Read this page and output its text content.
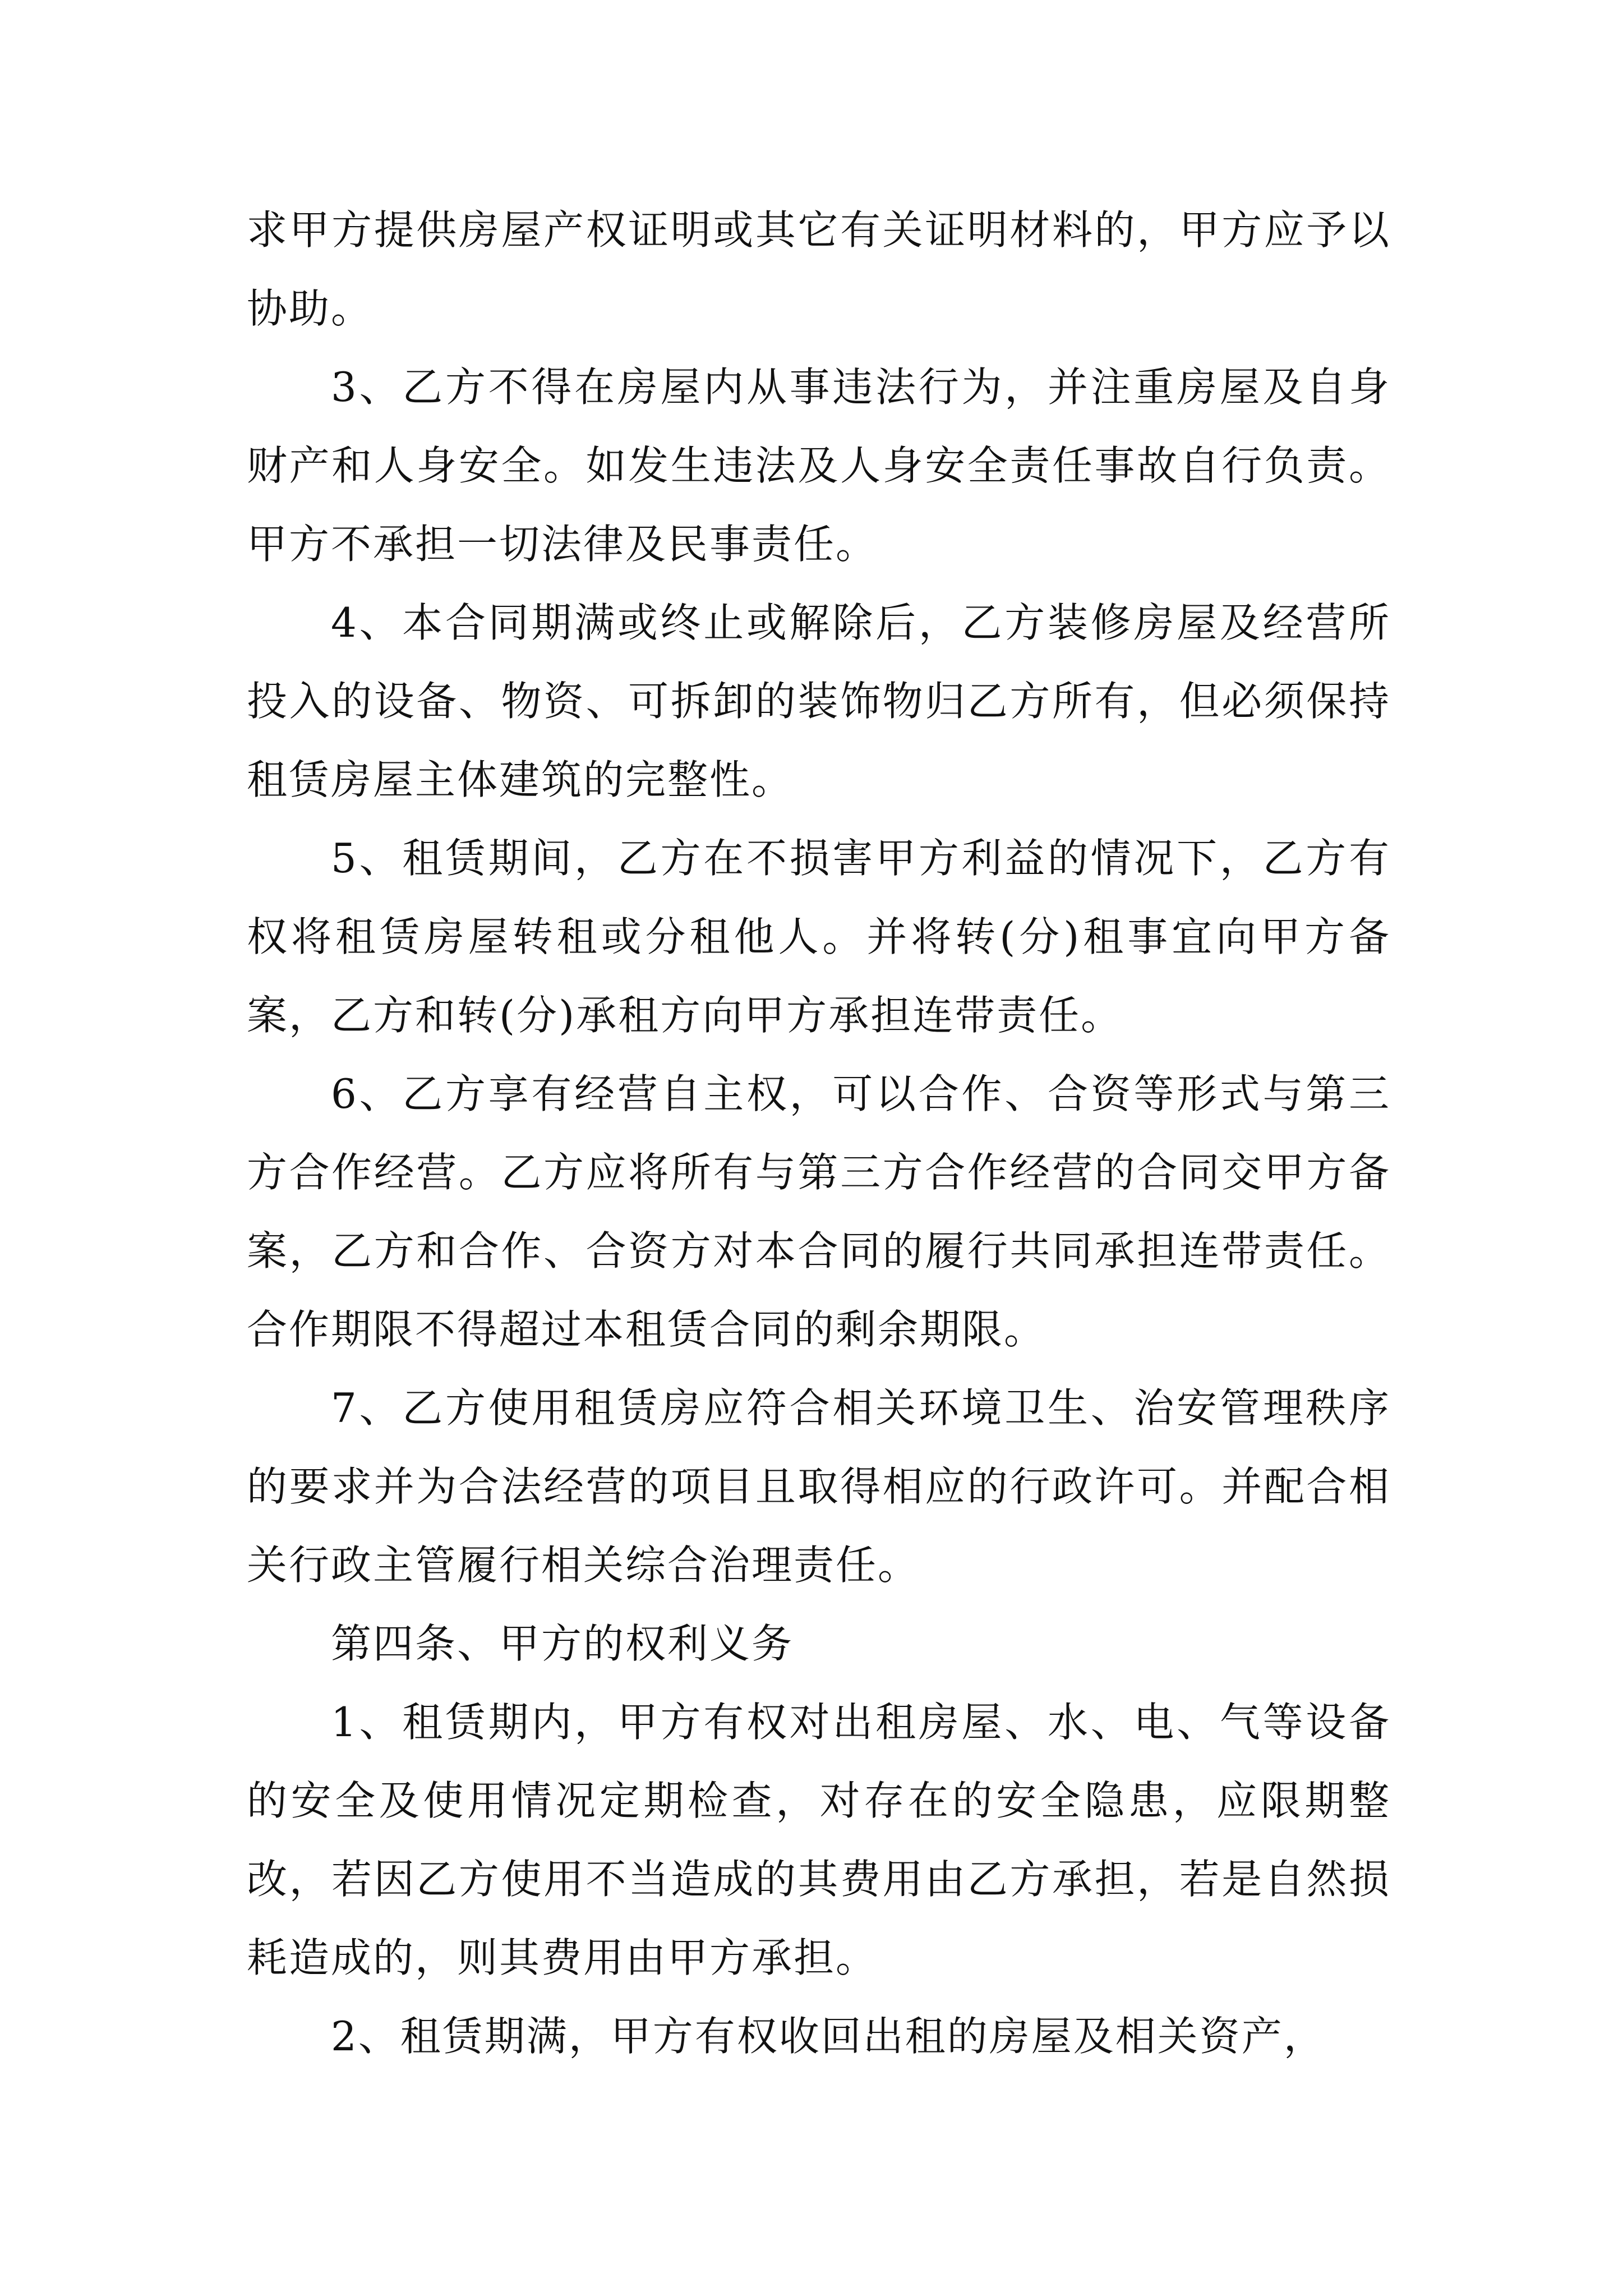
求甲方提供房屋产权证明或其它有关证明材料的，甲方应予以协助。

3、乙方不得在房屋内从事违法行为，并注重房屋及自身财产和人身安全。如发生违法及人身安全责任事故自行负责。甲方不承担一切法律及民事责任。

4、本合同期满或终止或解除后，乙方装修房屋及经营所投入的设备、物资、可拆卸的装饰物归乙方所有，但必须保持租赁房屋主体建筑的完整性。

5、租赁期间，乙方在不损害甲方利益的情况下，乙方有权将租赁房屋转租或分租他人。并将转(分)租事宜向甲方备案，乙方和转(分)承租方向甲方承担连带责任。

6、乙方享有经营自主权，可以合作、合资等形式与第三方合作经营。乙方应将所有与第三方合作经营的合同交甲方备案，乙方和合作、合资方对本合同的履行共同承担连带责任。合作期限不得超过本租赁合同的剩余期限。

7、乙方使用租赁房应符合相关环境卫生、治安管理秩序的要求并为合法经营的项目且取得相应的行政许可。并配合相关行政主管履行相关综合治理责任。

第四条、甲方的权利义务

1、租赁期内，甲方有权对出租房屋、水、电、气等设备的安全及使用情况定期检查，对存在的安全隐患，应限期整改，若因乙方使用不当造成的其费用由乙方承担，若是自然损耗造成的，则其费用由甲方承担。

2、租赁期满，甲方有权收回出租的房屋及相关资产，
